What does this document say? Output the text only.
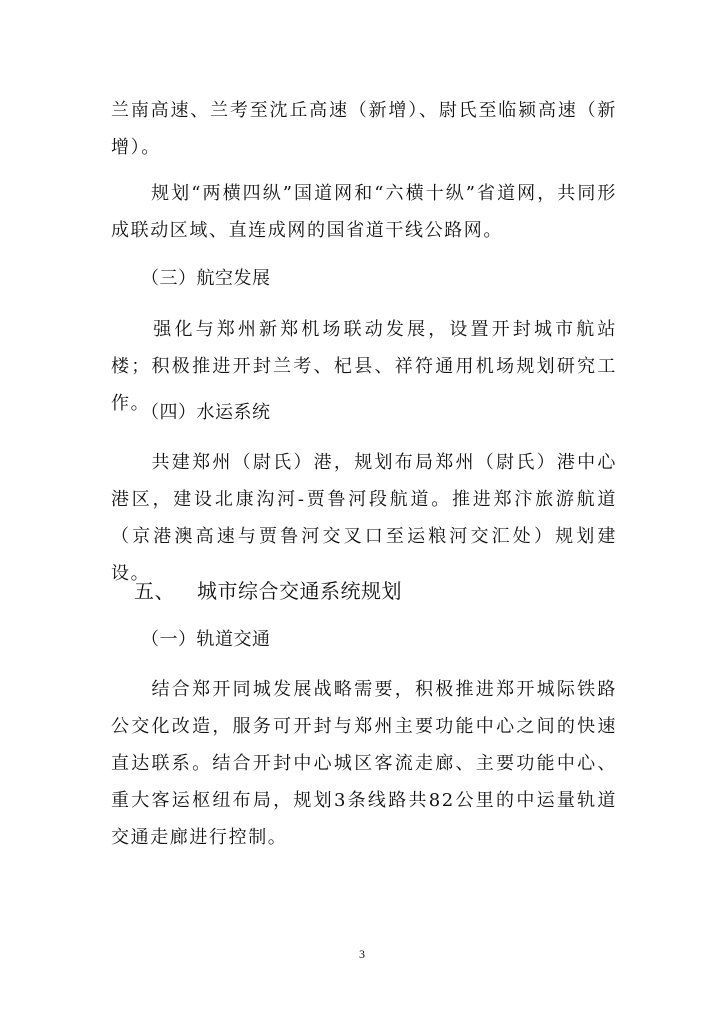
兰南高速、兰考至沈丘高速（新增）、尉氏至临颍高速（新增）。

　　规划“两横四纵”国道网和“六横十纵”省道网，共同形成联动区域、直连成网的国省道干线公路网。

（三）航空发展

　　强化与郑州新郑机场联动发展，设置开封城市航站楼；积极推进开封兰考、杞县、祥符通用机场规划研究工作。

（四）水运系统

　　共建郑州（尉氏）港，规划布局郑州（尉氏）港中心港区，建设北康沟河-贾鲁河段航道。推进郑汴旅游航道（京港澳高速与贾鲁河交叉口至运粮河交汇处）规划建设。

五、 城市综合交通系统规划
（一）轨道交通

　　结合郑开同城发展战略需要，积极推进郑开城际铁路公交化改造，服务可开封与郑州主要功能中心之间的快速直达联系。结合开封中心城区客流走廊、主要功能中心、重大客运枢纽布局，规划3条线路共82公里的中运量轨道交通走廊进行控制。

3
